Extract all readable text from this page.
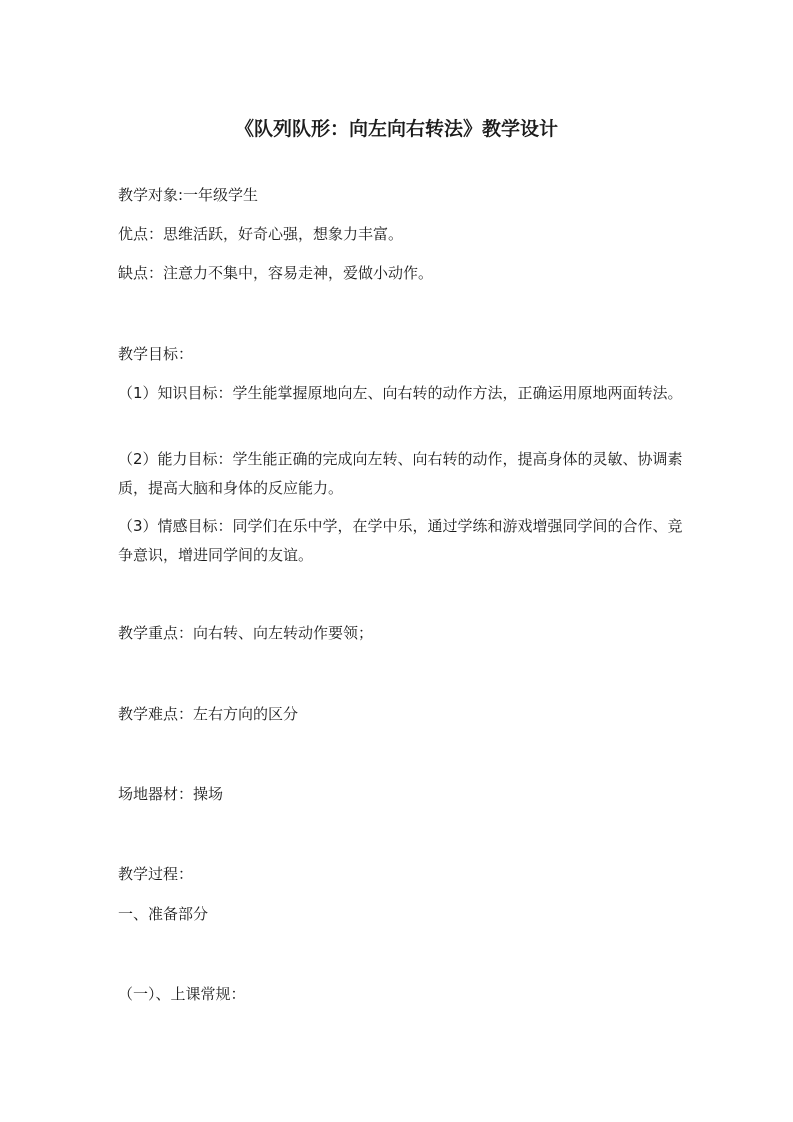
《队列队形：向左向右转法》教学设计
教学对象:一年级学生
优点：思维活跃，好奇心强，想象力丰富。
缺点：注意力不集中，容易走神，爱做小动作。
教学目标：
（1）知识目标：学生能掌握原地向左、向右转的动作方法，正确运用原地两面转法。
（2）能力目标：学生能正确的完成向左转、向右转的动作，提高身体的灵敏、协调素质，提高大脑和身体的反应能力。
（3）情感目标：同学们在乐中学，在学中乐，通过学练和游戏增强同学间的合作、竞争意识，增进同学间的友谊。
教学重点：向右转、向左转动作要领；
教学难点：左右方向的区分
场地器材：操场
教学过程：
一、准备部分
（一）、上课常规：
